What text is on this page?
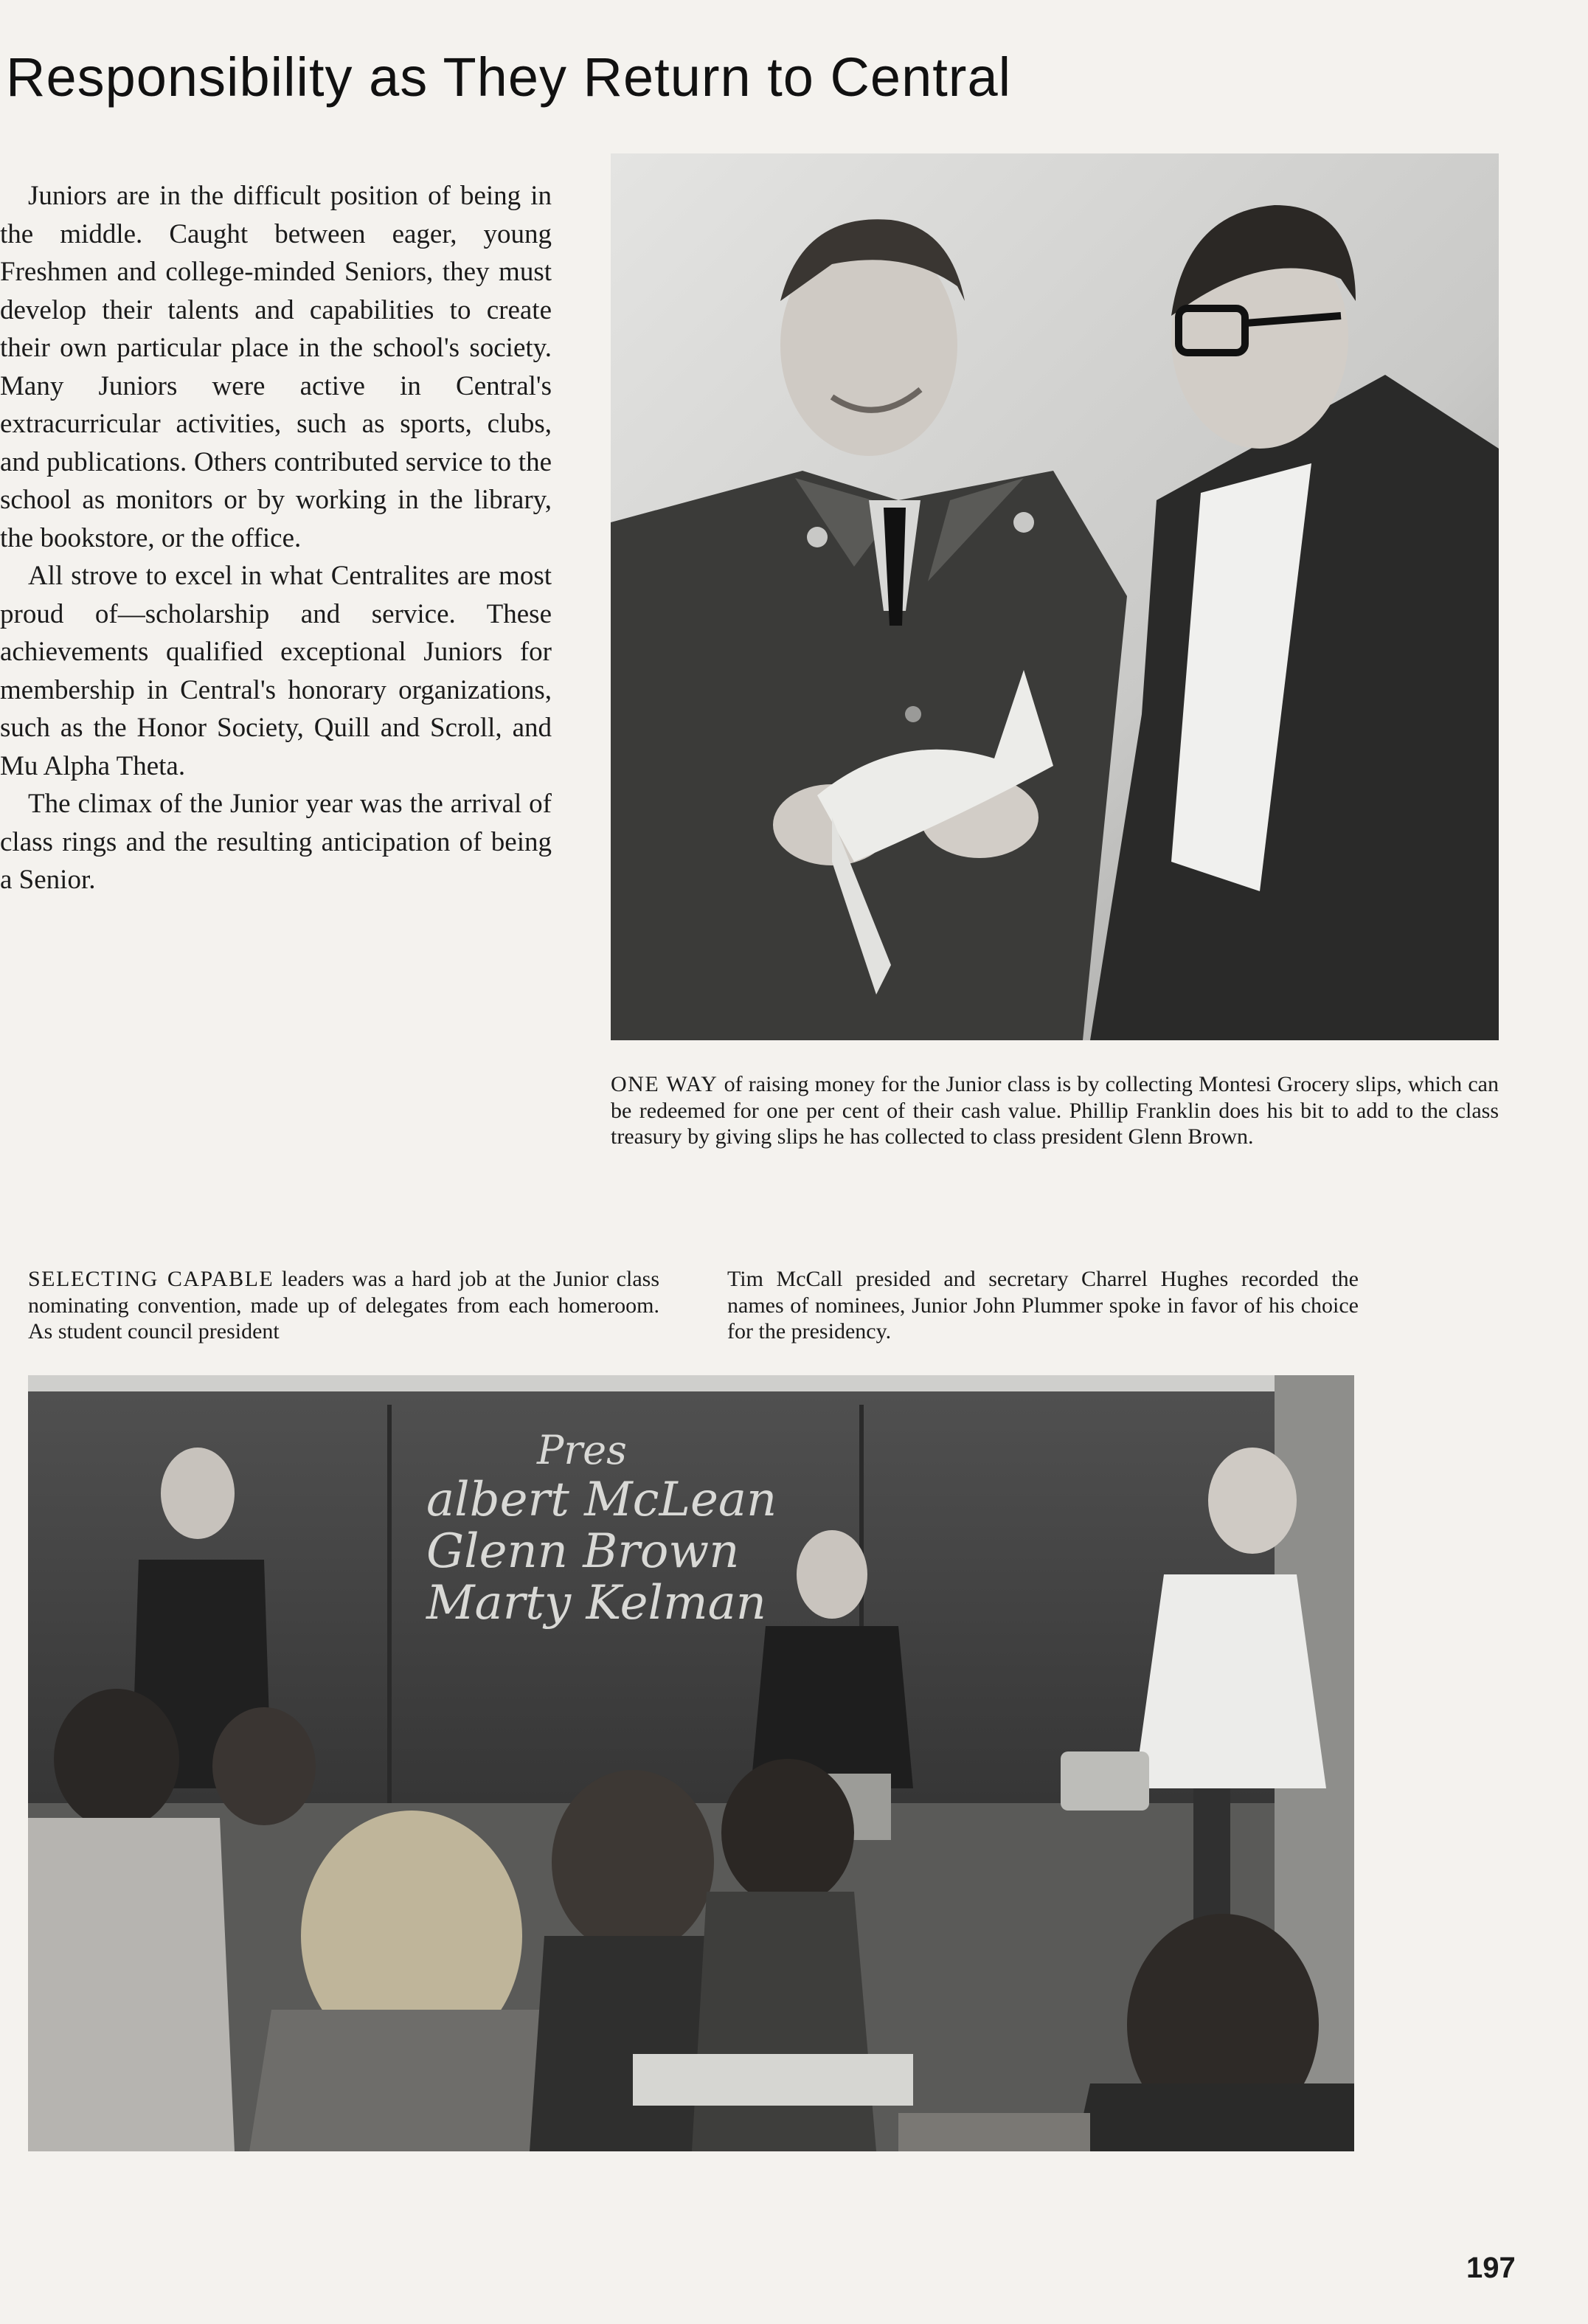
Responsibility as They Return to Central

Juniors are in the difficult position of being in the middle. Caught between eager, young Freshmen and college-minded Seniors, they must develop their talents and capabilities to create their own particular place in the school's society. Many Juniors were active in Central's extracurricular activities, such as sports, clubs, and publications. Others contributed service to the school as monitors or by working in the library, the bookstore, or the office.

All strove to excel in what Centralites are most proud of—scholarship and service. These achievements qualified exceptional Juniors for membership in Central's honorary organizations, such as the Honor Society, Quill and Scroll, and Mu Alpha Theta.

The climax of the Junior year was the arrival of class rings and the resulting anticipation of being a Senior.

ONE WAY of raising money for the Junior class is by collecting Montesi Grocery slips, which can be redeemed for one per cent of their cash value. Phillip Franklin does his bit to add to the class treasury by giving slips he has collected to class president Glenn Brown.
SELECTING CAPABLE leaders was a hard job at the Junior class nominating convention, made up of delegates from each homeroom. As student council president
Tim McCall presided and secretary Charrel Hughes recorded the names of nominees, Junior John Plummer spoke in favor of his choice for the presidency.
Pres
albert McLean
Glenn Brown
Marty Kelman
197
